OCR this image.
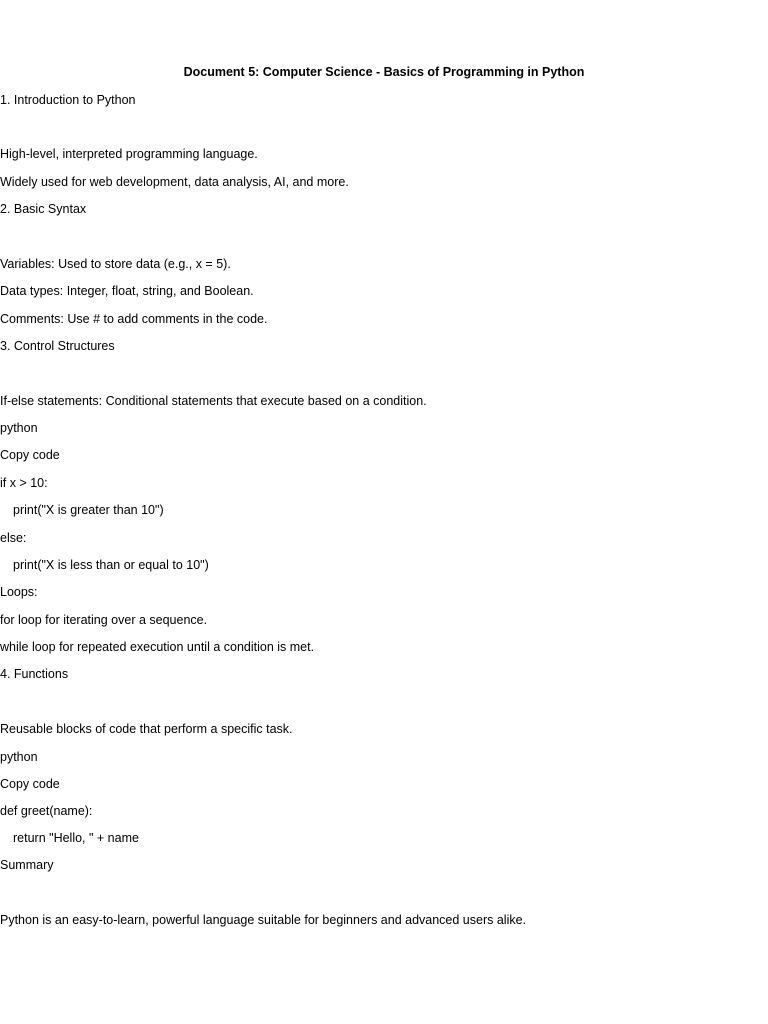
Document 5: Computer Science - Basics of Programming in Python
1. Introduction to Python
High-level, interpreted programming language.
Widely used for web development, data analysis, AI, and more.
2. Basic Syntax
Variables: Used to store data (e.g., x = 5).
Data types: Integer, float, string, and Boolean.
Comments: Use # to add comments in the code.
3. Control Structures
If-else statements: Conditional statements that execute based on a condition.
python
Copy code
if x > 10:
print("X is greater than 10")
else:
print("X is less than or equal to 10")
Loops:
for loop for iterating over a sequence.
while loop for repeated execution until a condition is met.
4. Functions
Reusable blocks of code that perform a specific task.
python
Copy code
def greet(name):
return "Hello, " + name
Summary
Python is an easy-to-learn, powerful language suitable for beginners and advanced users alike.
